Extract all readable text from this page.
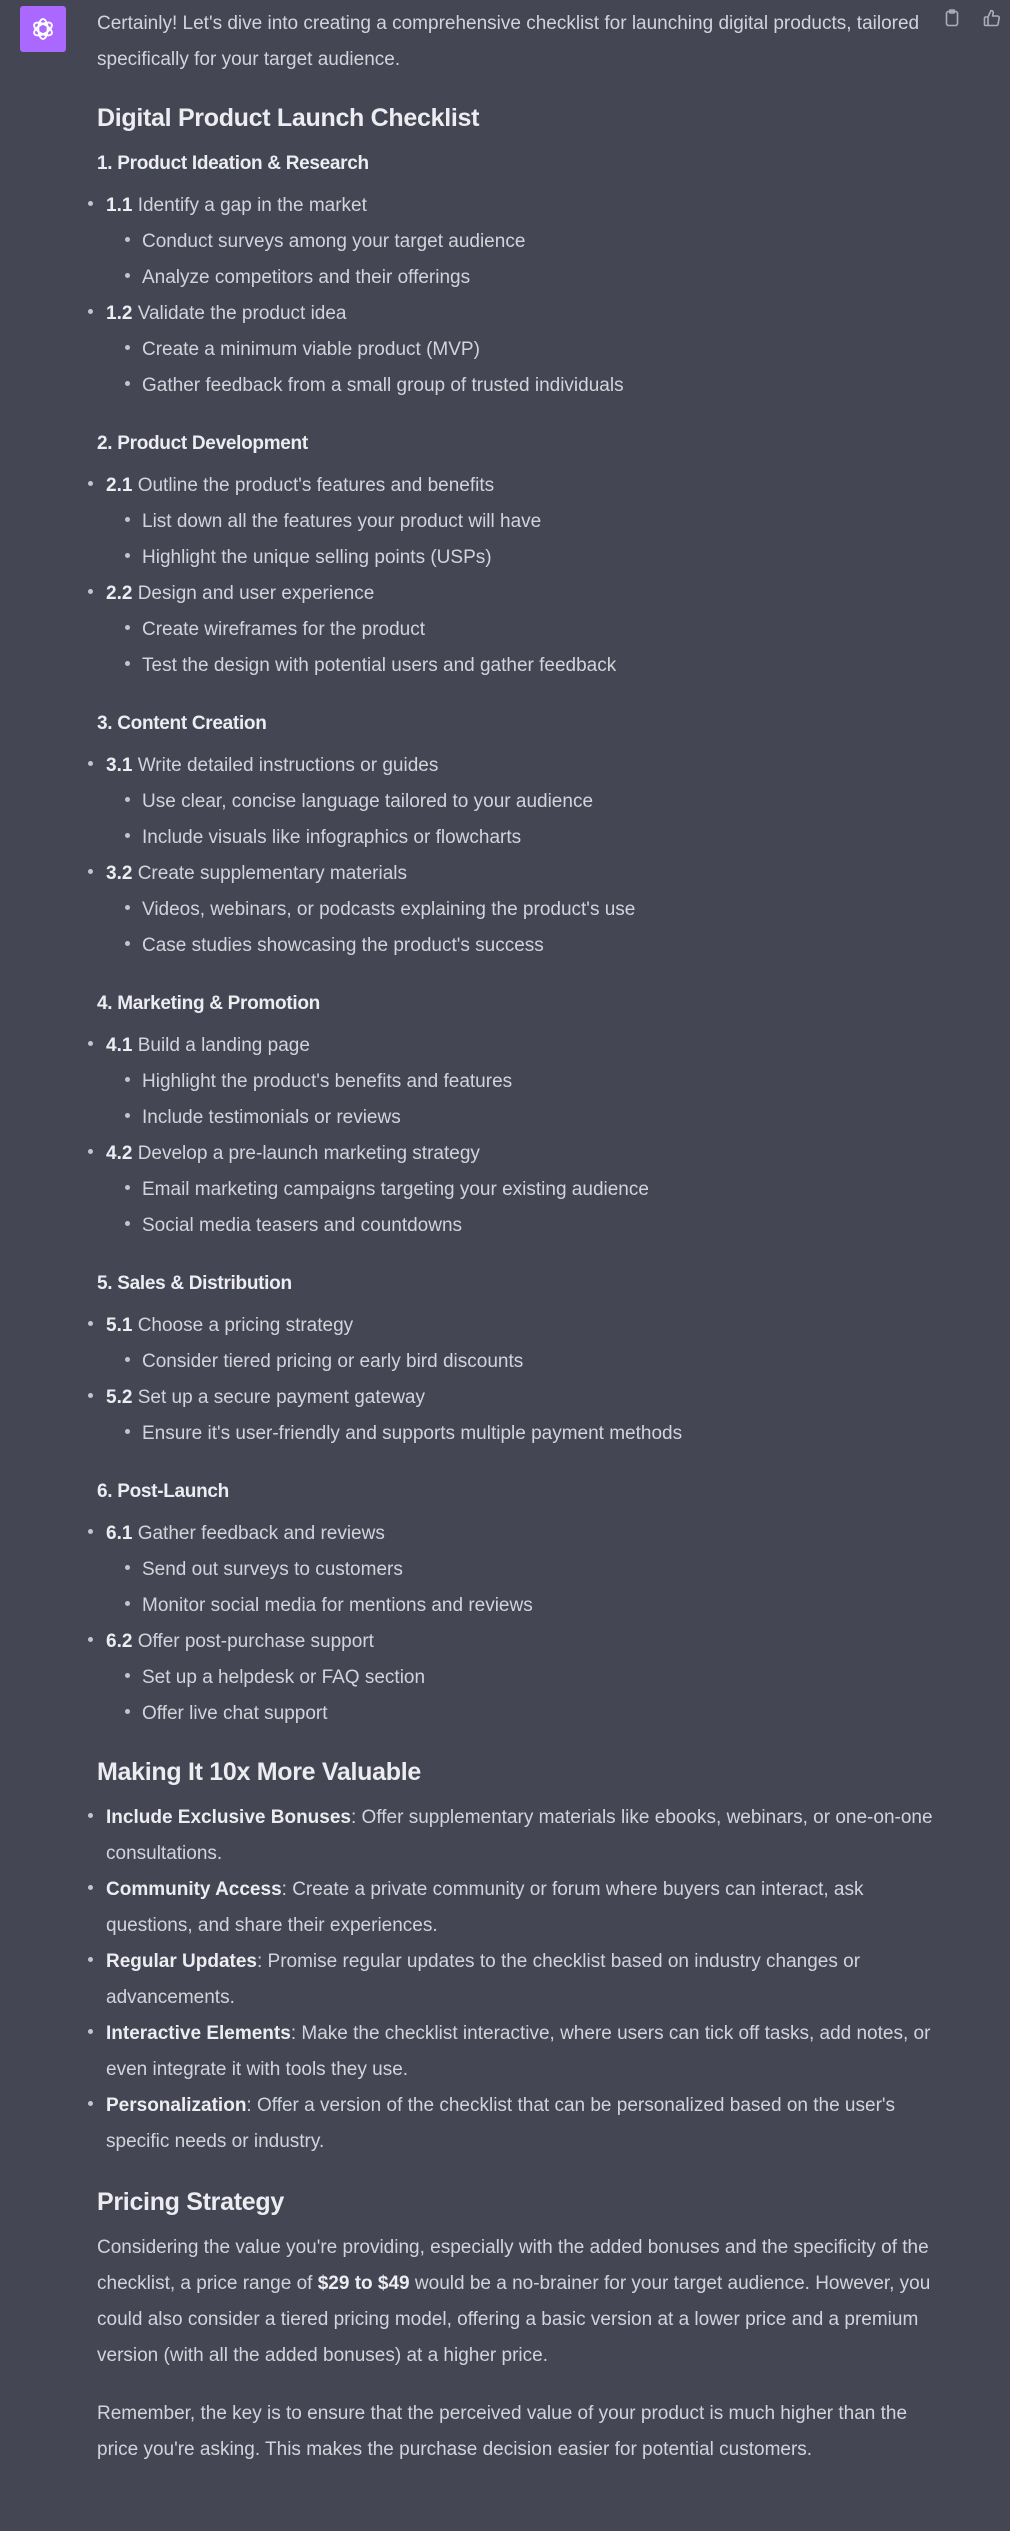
Certainly! Let's dive into creating a comprehensive checklist for launching digital products, tailored specifically for your target audience.

Digital Product Launch Checklist
1. Product Ideation & Research
1.1 Identify a gap in the market
Conduct surveys among your target audience
Analyze competitors and their offerings
1.2 Validate the product idea
Create a minimum viable product (MVP)
Gather feedback from a small group of trusted individuals
2. Product Development
2.1 Outline the product's features and benefits
List down all the features your product will have
Highlight the unique selling points (USPs)
2.2 Design and user experience
Create wireframes for the product
Test the design with potential users and gather feedback
3. Content Creation
3.1 Write detailed instructions or guides
Use clear, concise language tailored to your audience
Include visuals like infographics or flowcharts
3.2 Create supplementary materials
Videos, webinars, or podcasts explaining the product's use
Case studies showcasing the product's success
4. Marketing & Promotion
4.1 Build a landing page
Highlight the product's benefits and features
Include testimonials or reviews
4.2 Develop a pre-launch marketing strategy
Email marketing campaigns targeting your existing audience
Social media teasers and countdowns
5. Sales & Distribution
5.1 Choose a pricing strategy
Consider tiered pricing or early bird discounts
5.2 Set up a secure payment gateway
Ensure it's user-friendly and supports multiple payment methods
6. Post-Launch
6.1 Gather feedback and reviews
Send out surveys to customers
Monitor social media for mentions and reviews
6.2 Offer post-purchase support
Set up a helpdesk or FAQ section
Offer live chat support
Making It 10x More Valuable
Include Exclusive Bonuses: Offer supplementary materials like ebooks, webinars, or one-on-one consultations.
Community Access: Create a private community or forum where buyers can interact, ask questions, and share their experiences.
Regular Updates: Promise regular updates to the checklist based on industry changes or advancements.
Interactive Elements: Make the checklist interactive, where users can tick off tasks, add notes, or even integrate it with tools they use.
Personalization: Offer a version of the checklist that can be personalized based on the user's specific needs or industry.
Pricing Strategy

Considering the value you're providing, especially with the added bonuses and the specificity of the checklist, a price range of $29 to $49 would be a no-brainer for your target audience. However, you could also consider a tiered pricing model, offering a basic version at a lower price and a premium version (with all the added bonuses) at a higher price.

Remember, the key is to ensure that the perceived value of your product is much higher than the price you're asking. This makes the purchase decision easier for potential customers.
